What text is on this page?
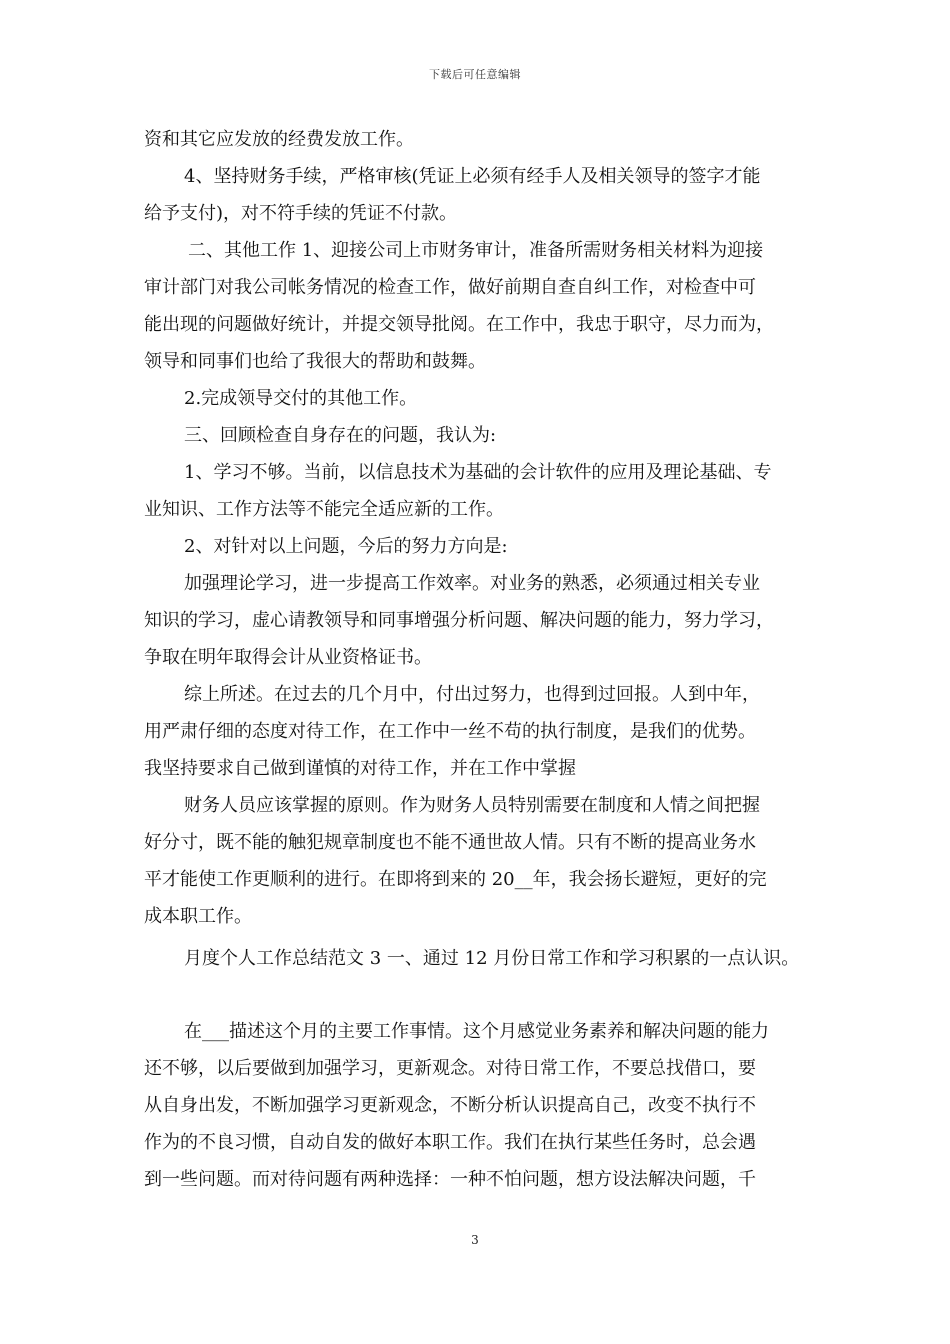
下载后可任意编辑
资和其它应发放的经费发放工作。
4、坚持财务手续，严格审核(凭证上必须有经手人及相关领导的签字才能
给予支付)，对不符手续的凭证不付款。
二、其他工作 1、迎接公司上市财务审计，准备所需财务相关材料为迎接
审计部门对我公司帐务情况的检查工作，做好前期自查自纠工作，对检查中可
能出现的问题做好统计，并提交领导批阅。在工作中，我忠于职守，尽力而为，
领导和同事们也给了我很大的帮助和鼓舞。
2.完成领导交付的其他工作。
三、回顾检查自身存在的问题，我认为:
1、学习不够。当前，以信息技术为基础的会计软件的应用及理论基础、专
业知识、工作方法等不能完全适应新的工作。
2、对针对以上问题，今后的努力方向是:
加强理论学习，进一步提高工作效率。对业务的熟悉，必须通过相关专业
知识的学习，虚心请教领导和同事增强分析问题、解决问题的能力，努力学习，
争取在明年取得会计从业资格证书。
综上所述。在过去的几个月中，付出过努力，也得到过回报。人到中年，
用严肃仔细的态度对待工作，在工作中一丝不苟的执行制度，是我们的优势。
我坚持要求自己做到谨慎的对待工作，并在工作中掌握
财务人员应该掌握的原则。作为财务人员特别需要在制度和人情之间把握
好分寸，既不能的触犯规章制度也不能不通世故人情。只有不断的提高业务水
平才能使工作更顺利的进行。在即将到来的 20__年，我会扬长避短，更好的完
成本职工作。
月度个人工作总结范文 3 一、通过 12 月份日常工作和学习积累的一点认识。
在___描述这个月的主要工作事情。这个月感觉业务素养和解决问题的能力
还不够，以后要做到加强学习，更新观念。对待日常工作，不要总找借口，要
从自身出发，不断加强学习更新观念，不断分析认识提高自己，改变不执行不
作为的不良习惯，自动自发的做好本职工作。我们在执行某些任务时，总会遇
到一些问题。而对待问题有两种选择：一种不怕问题，想方设法解决问题，千
3
